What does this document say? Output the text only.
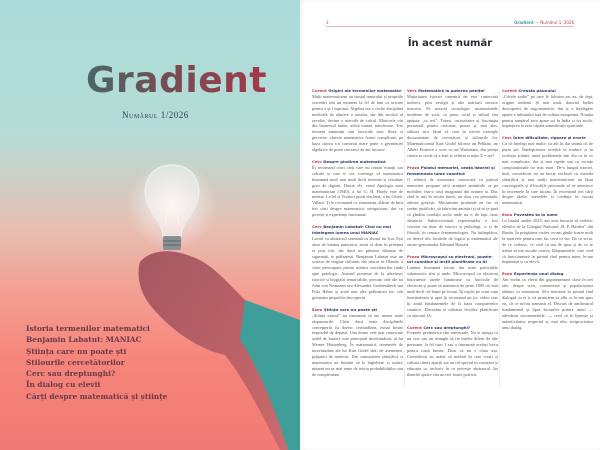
Gradient
Numărul 1/2026
Istoria termenilor matematici
Benjamin Labatut: MANIAC
Știința care nu poate ști
Stilourile cercetătorilor
Cerc sau dreptunghi?
În dialog cu elevii
Cărți despre matematică și științe
3	Gradient — Numărul 1, 2026
În acest număr
Curent Originl ale termenilor matematici

Mulți matematicieni au simțul umorului și propriile cercetări sînt un moment la fel de bun ca oricare pentru a și-l exprima. Algebra era o veche disciplină medicală de aliniere a oaselor, dar din secolul al zecelea, devine o metodă de calcul. Matricele vin din latinescul mater, adică mamă, născătoare. Trei termeni amuzanți sînt fascicule moi, fluxe și perverse: obiecte matematice foarte complicate, pe baza cărora s-a construit mare parte a geometriei algebrice de peste cincizeci de ani încoace.

Cerc Despre gîndirea matematică

Îți recomand cinci cărți care nu conțin ecuații sau calcule și care te vor convinge că matematica înseamnă mult mai mult decît teoreme și rezultate greu de digerat. Dintre ele, eseul Apologia unui matematician (1940), a lui G. H. Hardy este de neratat. La fel și Visători pirați din lună, a lui Cédric Villani. Ți le recomand cu entuziasm, alături de încă trei cărți despre matematică: neriguroase, dar cu povești și experiențe fascinante.

Cerc Benjamin Labatut: Cînd nu mai înțelegem lumea unui MANIAC

Lucrul cu abstractul seamănă cu zborul lui Icar. Ești atras de lumina puternică, simți că doar în preajma ei poți trăi, dar dacă nu păstrezi distanța de siguranță, te prăbușești. Benjamin Labatut este un scriitor de origine chiliană, dar născut în Olanda, a cărui preocupare pentru mintea cercetătorilor tinde spre patologic. Autorul pornește de la adevăruri istorice și biografii remarcabile, precum cele ale lui John von Neumann sau Alexander Grothendieck sau Fritz Haber și arată mai ales prăbușirea lor, sub greutatea propriilor descoperiri.

Eseu Știința care nu poate ști

„Știința exactă” nu înseamnă că are mereu toate răspunsurile. Chiar dacă toate disciplinele concepțeriii își doresc certitudinea, există limite imposibil de depășit. Una dintre cele mai cunoscute astfel de bariere este principiul incertitudinii, al lui Werner Heisenberg. În matematică, teoremele de incertitudine ale lui Kurt Gödel sînt, de asemenea, prăpastii de netrecut. Dar cunoașterea științifică și matematica au limitări să le înglobeze și astăzi, nimeni nu se mai teme de teoria probabilităților sau de complexitate.

Vers Matematică la puterea penițel

Majoritatea istoriei omenirii ne este cunoscută indirect, prin vestigii și alte mărturii istorice neacrise. Pe această cronologie, instrumentele moderne de scris, ca pana, tocul și stiloul sînt apărute „ca ieri”. Totuși, curiozitatea și fascinația personală pentru creioane, pixuri și, mai ales, stilouri m-a făcut să caut în istorie exemple documentate de cercetători și stilourile lor. Matematicianul Kurt Gödel folosea un Pelikan, iar Albert Einstein a scris cu un Waterman, din penița căruia se crede că a ieșit și celebra ecuație E = mc².

Proza Palatul memoriei, ceața istoriei și fenomenala lume cuantică

O tehnică de memorare cunoscută ca palatul memoriei propune să-ți aranjezi amintirile ca pe mobilier, într-o casă imaginară din mintea ta. Dar, cînd te uiți în istoria lumii, nu doar cea personală, adesea greșești. Mecanisme profunde ne fac să creăm justificări, să fabricăm amintiri și să ni se pară că gîndim corelații acolo unde nu e, de fapt, doar aleatoriu. Subiectivismul experiențelor a fost cercetat nu doar de istorici și psihologi, ci și de filosofi, în ramura fenomenologiei. Nu întîmplător, ea derivă din lucrările de logică și matematică ale austro-germanului Edmund Husserl.

Proza Microscopul cu electroni, puzzle-uri cuantice și lecții planificate cu AI

Lumina înseamnă fotoni, dar toate particulele subatomice sînt și unde. Microscopul cu electroni înlocuiește razele luminoase cu fascicule de electroni și poate să mărească de peste 1000 ori mai mult decît cel bazat pe fotoni. Îți explic pe scurt cum funcționează și apoi îți recomand un joc video care îți arată fundamentele de la baza computerelor cuantice. Discutăm și calitatea lecțiilor planificate cu ajutorul IA.

Curent Cerc sau dreptunghi?

Formele geometrice sînt universale. Nu te aștepți ca un cerc sau un triunghi să fie înțelse diferit de alte persoane, la fel cum 1 sau π înseamnă același lucru pentru toată lumea. Doar că nu e chiar așa. Cercetătorii au arătat că mediul în care crești și cultura căreia aparții are un rol special în creșterea și educația ta, inclusiv în ce privește abstractul. Iar ilustrile optice sînt un test foarte potrivit.

Curent Creasta păunului

„Cifrele arabe” pe care le folosim azi au, de fapt, origine indiană. Și mai mult, datorită Indiei descoperiri de trigonometrie, dar și o înțelegere aparte a infinitului față de cultura europeană. Notația pentru numărul zero apare tot în India și tot acolo, împărțirea la zero căpătă semnificații spirituale.

Cerc Între dificultate, rigoare și erorie

Cu cît înțelegi mai multe, cu atît îți dai seama cît de puțin știi. Înțelepciunea acrețită se traduce și în evoluția științei, unde problemele sînt din ce în ce mai complicate, dar și mai rapide sau cu cerințe computaționale tot mai mari. De-a lungul istoriei, însă, cercetătorii nu au lucrat exclusiv cu metoda științifică și mai mulți matematicieni au lăsat convingerile și filosofiile personale să se amestece în teoremele la care lucrau. Îți recomand trei cărți despre ideile, metodele și credința în istoria matematicii.

Eseu Povestea ta în lume

La finalul anului 2025, am avut bucuria să vorbesc elevilor de la Colegiul Național „B. P. Hasdeu” din Buzău. În pregătirea vizitei, m-am gîndit foarte mult la motivele pentru care fac ceea ce fac. De ce scriu, de ce vorbesc, ce cred că am de spus și de ce ar trebui să mă asculte cineva. Răspunsurile, care cred că funcționează în primul rînd pentru mine, le-am împărtășit și cu elevii.

Eseu Experiența unui dialog

Am vorbit cu elevii din gupinepreame clase în trei zile: despre scris, comunicare și popularizarea științei cu entuziasm. M-a interesat în primul rînd dialogul cu ei și vă permitem să aflu ce le-am spus eu, cît ce mi-au transmis el. Discurs de amfiteatrul fundamental și lipsa lecturilor printre tineri — adevăruri incomentabile —, cred că le lipsește și autenticitatea, respectul și, mai ales, reciprocitatea unui dialog.
